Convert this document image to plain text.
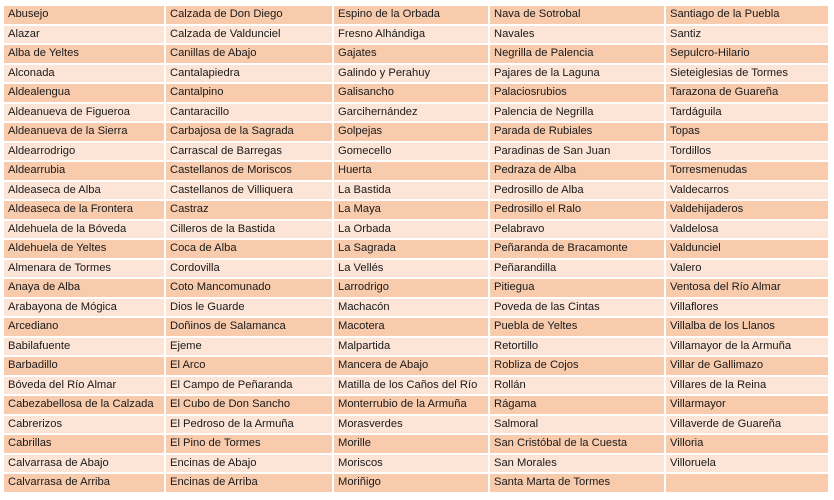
Abusejo	Calzada de Don Diego	Espino de la Orbada	Nava de Sotrobal	Santiago de la Puebla
Alazar	Calzada de Valdunciel	Fresno Alhándiga	Navales	Santiz
Alba de Yeltes	Canillas de Abajo	Gajates	Negrilla de Palencia	Sepulcro-Hilario
Alconada	Cantalapiedra	Galindo y Perahuy	Pajares de la Laguna	Sieteiglesias de Tormes
Aldealengua	Cantalpino	Galisancho	Palaciosrubios	Tarazona de Guareña
Aldeanueva de Figueroa	Cantaracillo	Garcihernández	Palencia de Negrilla	Tardáguila
Aldeanueva de la Sierra	Carbajosa de la Sagrada	Golpejas	Parada de Rubiales	Topas
Aldearrodrigo	Carrascal de Barregas	Gomecello	Paradinas de San Juan	Tordillos
Aldearrubia	Castellanos de Moriscos	Huerta	Pedraza de Alba	Torresmenudas
Aldeaseca de Alba	Castellanos de Villiquera	La Bastida	Pedrosillo de Alba	Valdecarros
Aldeaseca de la Frontera	Castraz	La Maya	Pedrosillo el Ralo	Valdehijaderos
Aldehuela de la Bóveda	Cilleros de la Bastida	La Orbada	Pelabravo	Valdelosa
Aldehuela de Yeltes	Coca de Alba	La Sagrada	Peñaranda de Bracamonte	Valdunciel
Almenara de Tormes	Cordovilla	La Vellés	Peñarandilla	Valero
Anaya de Alba	Coto Mancomunado	Larrodrigo	Pitiegua	Ventosa del Río Almar
Arabayona de Mógica	Dios le Guarde	Machacón	Poveda de las Cintas	Villaflores
Arcediano	Doñinos de Salamanca	Macotera	Puebla de Yeltes	Villalba de los Llanos
Babilafuente	Ejeme	Malpartida	Retortillo	Villamayor de la Armuña
Barbadillo	El Arco	Mancera de Abajo	Robliza de Cojos	Villar de Gallimazo
Bóveda del Río Almar	El Campo de Peñaranda	Matilla de los Caños del Río	Rollán	Villares de la Reina
Cabezabellosa de la Calzada	El Cubo de Don Sancho	Monterrubio de la Armuña	Rágama	Villarmayor
Cabrerizos	El Pedroso de la Armuña	Morasverdes	Salmoral	Villaverde de Guareña
Cabrillas	El Pino de Tormes	Morille	San Cristóbal de la Cuesta	Villoria
Calvarrasa de Abajo	Encinas de Abajo	Moriscos	San Morales	Villoruela
Calvarrasa de Arriba	Encinas de Arriba	Moriñigo	Santa Marta de Tormes	
